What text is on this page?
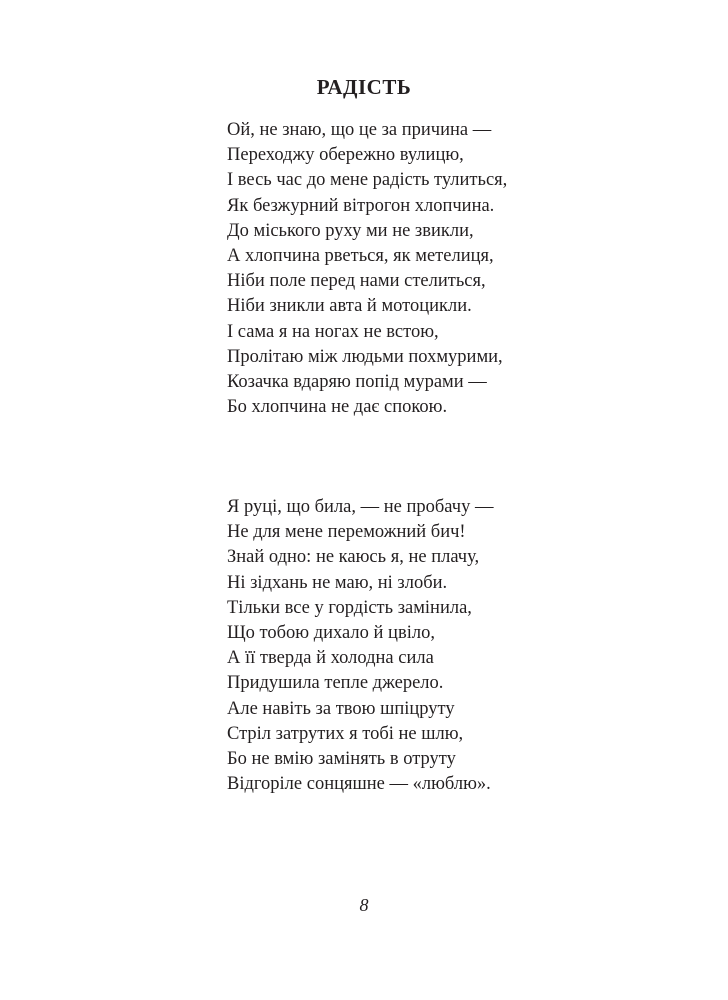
РАДІСТЬ
Ой, не знаю, що це за причина —
Переходжу обережно вулицю,
І весь час до мене радість тулиться,
Як безжурний вітрогон хлопчина.
До міського руху ми не звикли,
А хлопчина рветься, як метелиця,
Ніби поле перед нами стелиться,
Ніби зникли авта й мотоцикли.
І сама я на ногах не встою,
Пролітаю між людьми похмурими,
Козачка вдаряю попід мурами —
Бо хлопчина не дає спокою.
Я руці, що била, — не пробачу —
Не для мене переможний бич!
Знай одно: не каюсь я, не плачу,
Ні зідхань не маю, ні злоби.
Тільки все у гордість замінила,
Що тобою дихало й цвіло,
А її тверда й холодна сила
Придушила тепле джерело.
Але навіть за твою шпіцруту
Стріл затрутих я тобі не шлю,
Бо не вмію замінять в отруту
Відгоріле сонцяшне — «люблю».
8
